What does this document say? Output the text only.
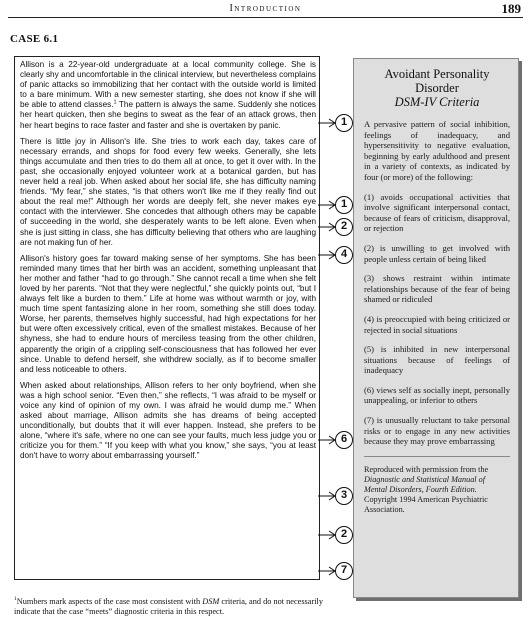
Introduction	189
CASE 6.1

Allison is a 22-year-old undergraduate at a local community college. She is clearly shy and uncomfortable in the clinical interview, but nevertheless complains of panic attacks so immobilizing that her contact with the outside world is limited to a bare minimum. With a new semester starting, she does not know if she will be able to attend classes.$^1$ The pattern is always the same. Suddenly she notices her heart quicken, then she begins to sweat as the fear of an attack grows, then her heart begins to race faster and faster and she is overtaken by panic.

There is little joy in Allison's life. She tries to work each day, takes care of necessary errands, and shops for food every few weeks. Generally, she lets things accumulate and then tries to do them all at once, to get it over with. In the past, she occasionally enjoyed volunteer work at a botanical garden, but has never held a real job. When asked about her social life, she has difficulty naming friends. “My fear,” she states, “is that others won't like me if they really find out about the real me!” Although her words are deeply felt, she never makes eye contact with the interviewer. She concedes that although others may be capable of succeeding in the world, she desperately wants to be left alone. Even when she is just sitting in class, she has difficulty believing that others who are laughing are not making fun of her.

Allison's history goes far toward making sense of her symptoms. She has been reminded many times that her birth was an accident, something unpleasant that her mother and father “had to go through.” She cannot recall a time when she felt loved by her parents. “Not that they were neglectful,” she quickly points out, “but I always felt like a burden to them.” Life at home was without warmth or joy, with much time spent fantasizing alone in her room, something she still does today. Worse, her parents, themselves highly successful, had high expectations for her but were often excessively critical, even of the smallest mistakes. Because of her shyness, she had to endure hours of merciless teasing from the other children, apparently the origin of a crippling self-consciousness that has followed her ever since. Unable to defend herself, she withdrew socially, as if to become smaller and less noticeable to others.

When asked about relationships, Allison refers to her only boyfriend, when she was a high school senior. “Even then,” she reflects, “I was afraid to be myself or voice any kind of opinion of my own. I was afraid he would dump me.” When asked about marriage, Allison admits she has dreams of being accepted unconditionally, but doubts that it will ever happen. Instead, she prefers to be alone, “where it's safe, where no one can see your faults, much less judge you or criticize you for them.” “If you keep with what you know,” she says, “you at least don't have to worry about embarrassing yourself.”

1
1
2
4
6
3
2
7
Avoidant Personality
Disorder
DSM-IV Criteria

A pervasive pattern of social inhibition, feelings of inadequacy, and hypersensitivity to negative evaluation, beginning by early adulthood and present in a variety of contexts, as indicated by four (or more) of the following:

(1) avoids occupational activities that involve significant interpersonal contact, because of fears of criticism, disapproval, or rejection

(2) is unwilling to get involved with people unless certain of being liked

(3) shows restraint within intimate relationships because of the fear of being shamed or ridiculed

(4) is preoccupied with being criticized or rejected in social situations

(5) is inhibited in new interpersonal situations because of feelings of inadequacy

(6) views self as socially inept, personally unappealing, or inferior to others

(7) is unusually reluctant to take personal risks or to engage in any new activities because they may prove embarrassing

Reproduced with permission from the Diagnostic and Statistical Manual of Mental Disorders, Fourth Edition. Copyright 1994 American Psychiatric Association.
$^1$Numbers mark aspects of the case most consistent with DSM criteria, and do not necessarily indicate that the case “meets” diagnostic criteria in this respect.
